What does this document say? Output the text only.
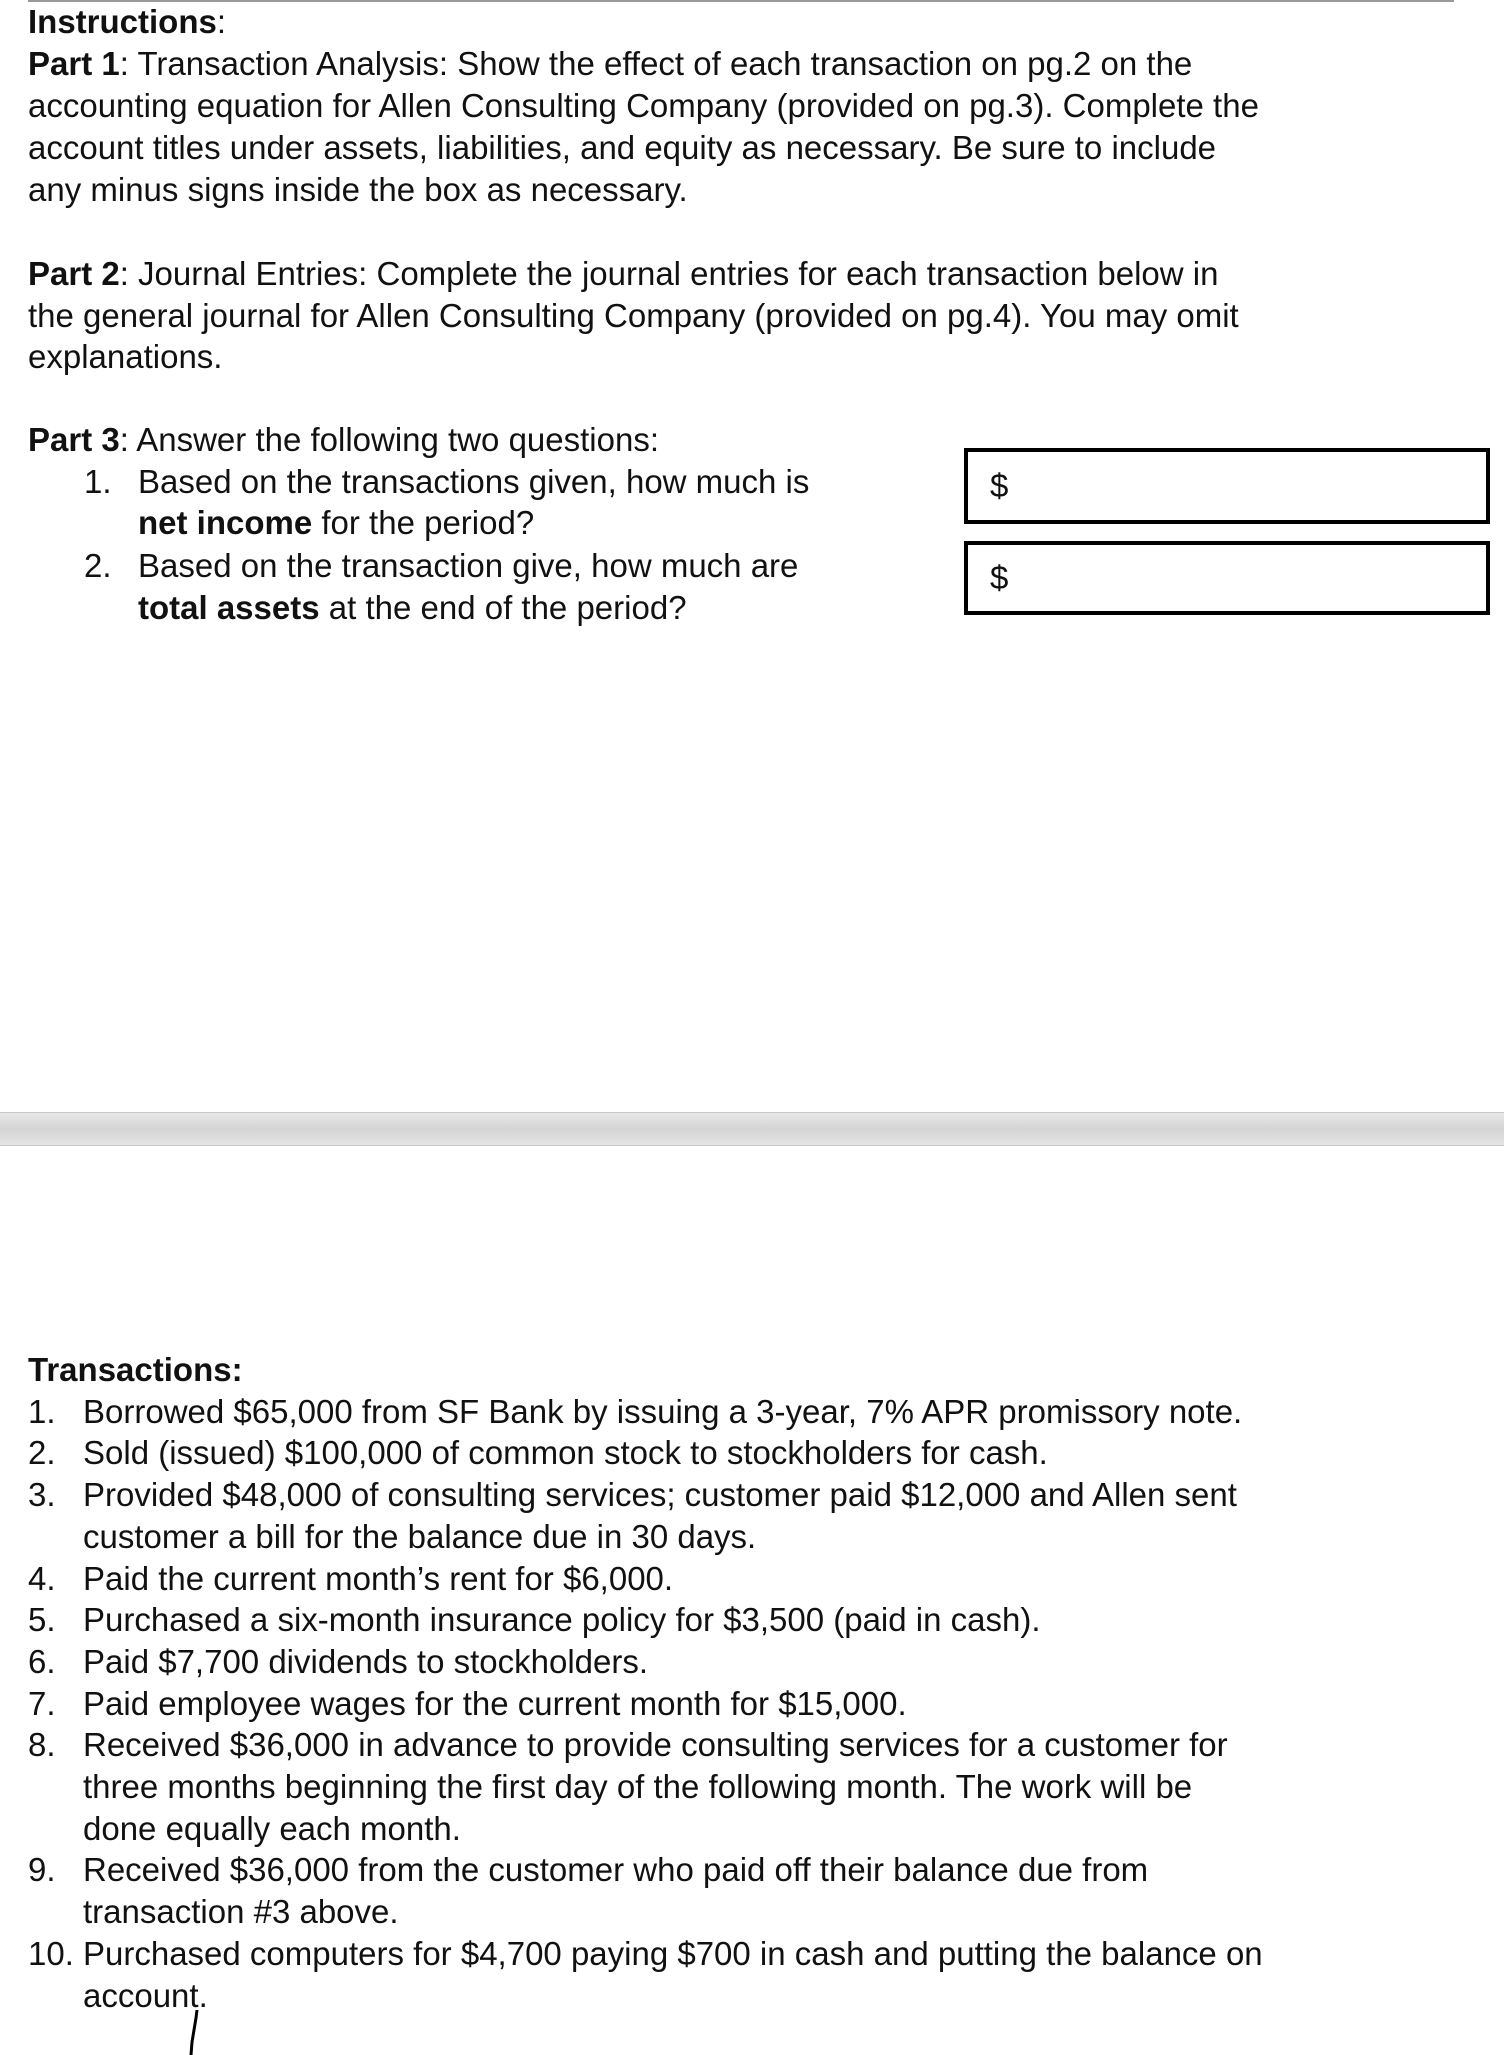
Instructions:
Part 1: Transaction Analysis: Show the effect of each transaction on pg.2 on the
accounting equation for Allen Consulting Company (provided on pg.3). Complete the
account titles under assets, liabilities, and equity as necessary. Be sure to include
any minus signs inside the box as necessary.
Part 2: Journal Entries: Complete the journal entries for each transaction below in
the general journal for Allen Consulting Company (provided on pg.4). You may omit
explanations.
Part 3: Answer the following two questions:
1. Based on the transactions given, how much is
net income for the period?
2. Based on the transaction give, how much are
total assets at the end of the period?
$
$
Transactions:
1. Borrowed $65,000 from SF Bank by issuing a 3-year, 7% APR promissory note.
2. Sold (issued) $100,000 of common stock to stockholders for cash.
3. Provided $48,000 of consulting services; customer paid $12,000 and Allen sent
customer a bill for the balance due in 30 days.
4. Paid the current month’s rent for $6,000.
5. Purchased a six-month insurance policy for $3,500 (paid in cash).
6. Paid $7,700 dividends to stockholders.
7. Paid employee wages for the current month for $15,000.
8. Received $36,000 in advance to provide consulting services for a customer for
three months beginning the first day of the following month. The work will be
done equally each month.
9. Received $36,000 from the customer who paid off their balance due from
transaction #3 above.
10. Purchased computers for $4,700 paying $700 in cash and putting the balance on
account.
